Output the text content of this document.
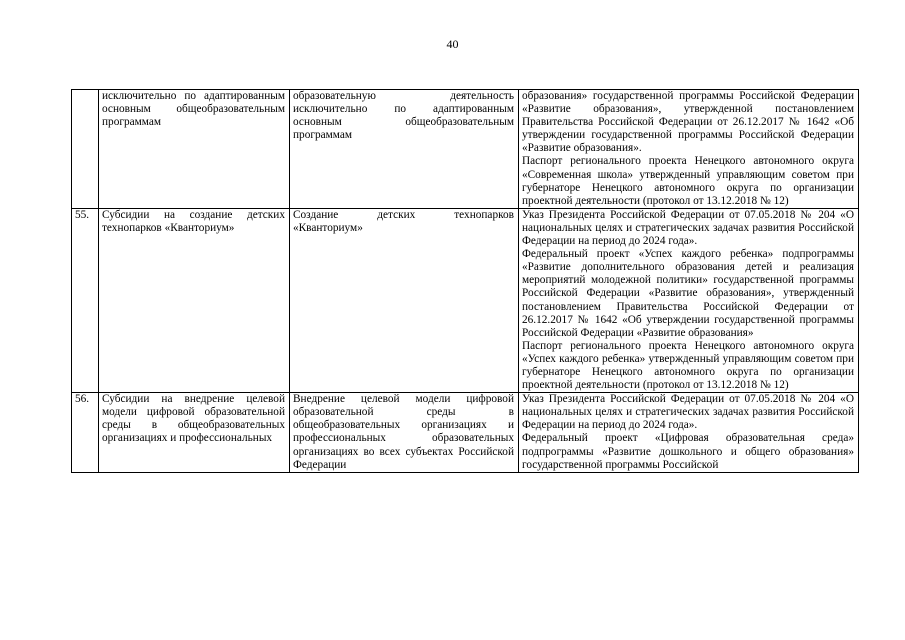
40
	исключительно по адаптированным основным общеобразовательным программам	образовательную деятельность исключительно по адаптированным основным общеобразовательным программам	образования» государственной программы Российской Федерации «Развитие образования», утвержденной постановлением Правительства Российской Федерации от 26.12.2017 № 1642 «Об утверждении государственной программы Российской Федерации «Развитие образования».
Паспорт регионального проекта Ненецкого автономного округа «Современная школа» утвержденный управляющим советом при губернаторе Ненецкого автономного округа по организации проектной деятельности (протокол от 13.12.2018 № 12)

55.	Субсидии на создание детских технопарков «Кванториум»	Создание детских технопарков «Кванториум»	Указ Президента Российской Федерации от 07.05.2018 № 204 «О национальных целях и стратегических задачах развития Российской Федерации на период до 2024 года».
Федеральный проект «Успех каждого ребенка» подпрограммы «Развитие дополнительного образования детей и реализация мероприятий молодежной политики» государственной программы Российской Федерации «Развитие образования», утвержденный постановлением Правительства Российской Федерации от 26.12.2017 № 1642 «Об утверждении государственной программы Российской Федерации «Развитие образования»
Паспорт регионального проекта Ненецкого автономного округа «Успех каждого ребенка» утвержденный управляющим советом при губернаторе Ненецкого автономного округа по организации проектной деятельности (протокол от 13.12.2018 № 12)

56.	Субсидии на внедрение целевой модели цифровой образовательной среды в общеобразовательных организациях и профессиональных	Внедрение целевой модели цифровой образовательной среды в общеобразовательных организациях и профессиональных образовательных организациях во всех субъектах Российской Федерации	Указ Президента Российской Федерации от 07.05.2018 № 204 «О национальных целях и стратегических задачах развития Российской Федерации на период до 2024 года».
Федеральный проект «Цифровая образовательная среда» подпрограммы «Развитие дошкольного и общего образования» государственной программы Российской
